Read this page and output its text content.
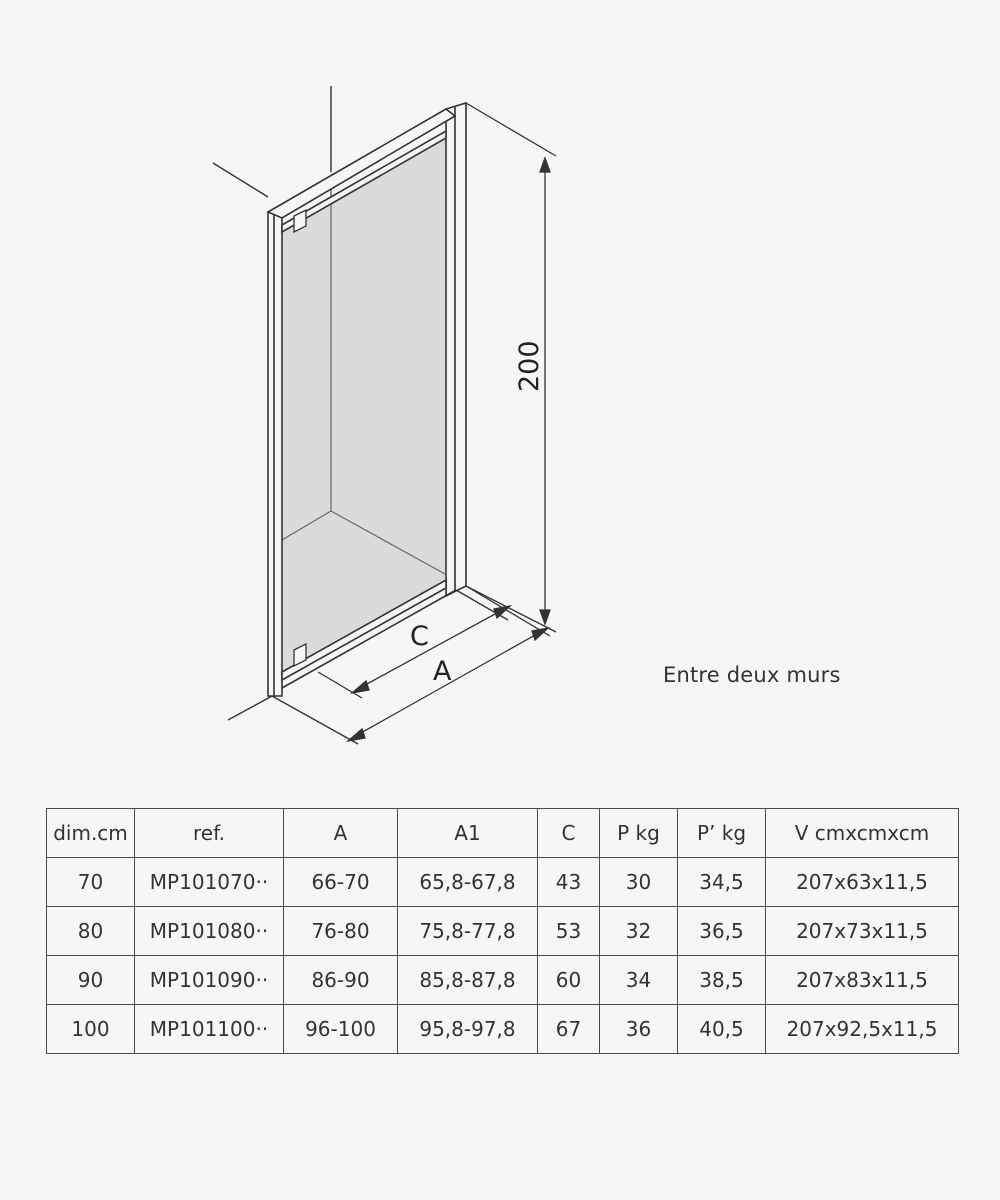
200
C
A	Entre deux murs
dim.cm	ref.	A	A1	C	P kg	P’ kg	V cmxcmxcm
70	MP101070··	66-70	65,8-67,8	43	30	34,5	207x63x11,5
80	MP101080··	76-80	75,8-77,8	53	32	36,5	207x73x11,5
90	MP101090··	86-90	85,8-87,8	60	34	38,5	207x83x11,5
100	MP101100··	96-100	95,8-97,8	67	36	40,5	207x92,5x11,5
